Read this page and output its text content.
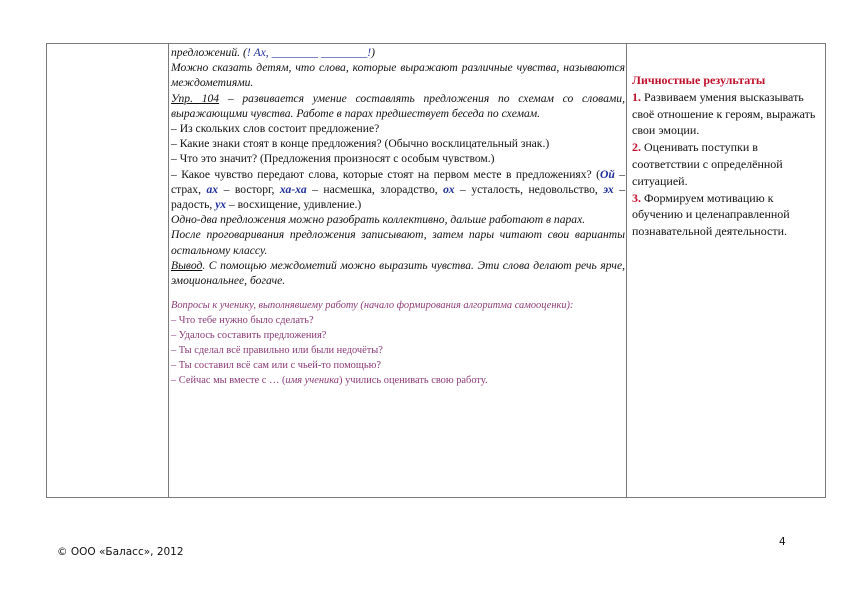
предложений. (! Ах, ________ ________!)

Можно сказать детям, что слова, которые выражают различные чувства, называются междометиями.

Упр. 104 – развивается умение составлять предложения по схемам со словами, выражающими чувства. Работе в парах предшествует беседа по схемам.

– Из скольких слов состоит предложение?

– Какие знаки стоят в конце предложения? (Обычно восклицательный знак.)

– Что это значит? (Предложения произносят с особым чувством.)

– Какое чувство передают слова, которые стоят на первом месте в предложениях? (Ой – страх, ах – восторг, ха-ха – насмешка, злорадство, ох – усталость, недовольство, эх – радость, ух – восхищение, удивление.)

Одно-два предложения можно разобрать коллективно, дальше работают в парах.

После проговаривания предложения записывают, затем пары читают свои варианты остальному классу.

Вывод. С помощью междометий можно выразить чувства. Эти слова делают речь ярче, эмоциональнее, богаче.

Вопросы к ученику, выполнявшему работу (начало формирования алгоритма самооценки):

– Что тебе нужно было сделать?

– Удалось составить предложения?

– Ты сделал всё правильно или были недочёты?

– Ты составил всё сам или с чьей-то помощью?

– Сейчас мы вместе с … (имя ученика) учились оценивать свою работу.

Личностные результаты

1. Развиваем умения высказывать своё отношение к героям, выражать свои эмоции.

2. Оценивать поступки в соответствии с определённой ситуацией.

3. Формируем мотивацию к обучению и целенаправленной познавательной деятельности.

4
© ООО «Баласс», 2012
